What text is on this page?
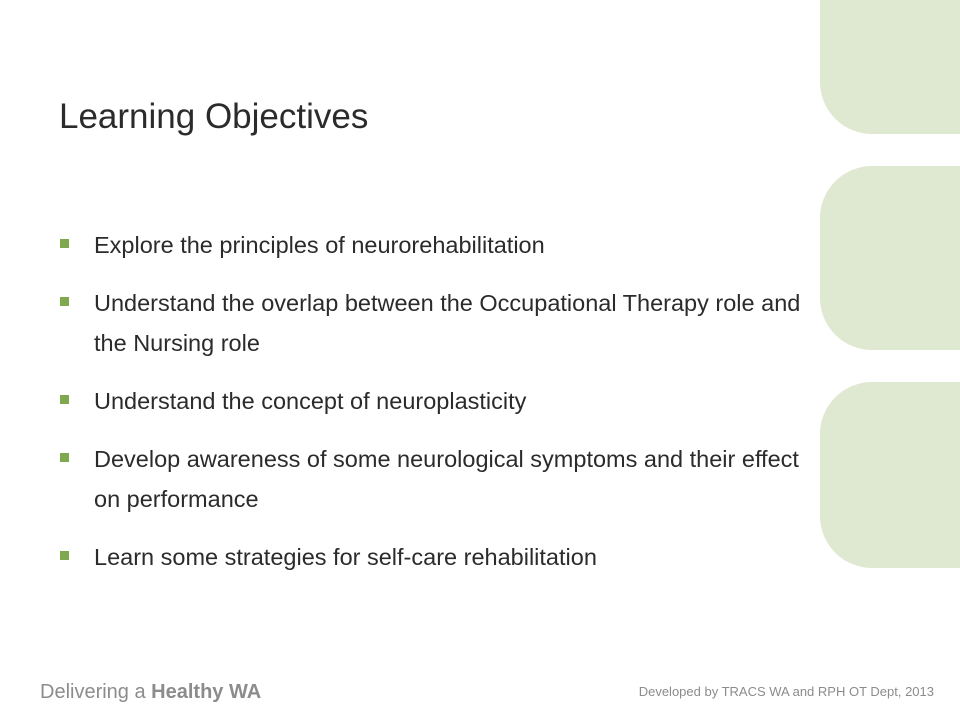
Learning Objectives
Explore the principles of neurorehabilitation
Understand the overlap between the Occupational Therapy role and the Nursing role
Understand the concept of neuroplasticity
Develop awareness of some neurological symptoms and their effect on performance
Learn some strategies for self-care rehabilitation
Delivering a Healthy WA	Developed by TRACS WA and RPH OT Dept, 2013
